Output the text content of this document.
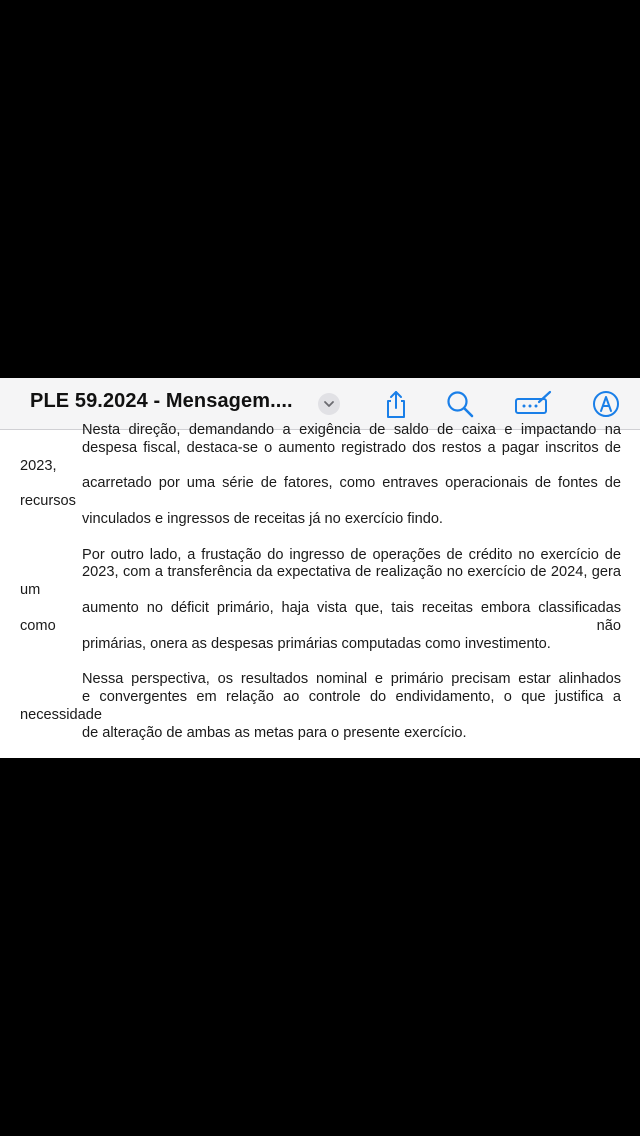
PLE 59.2024 - Mensagem....

Nesta direção, demandando a exigência de saldo de caixa e impactando na
despesa fiscal, destaca-se o aumento registrado dos restos a pagar inscritos de 2023,
acarretado por uma série de fatores, como entraves operacionais de fontes de recursos
vinculados e ingressos de receitas já no exercício findo.

Por outro lado, a frustação do ingresso de operações de crédito no exercício de
2023, com a transferência da expectativa de realização no exercício de 2024, gera um
aumento no déficit primário, haja vista que, tais receitas embora classificadas como não
primárias, onera as despesas primárias computadas como investimento.

Nessa perspectiva, os resultados nominal e primário precisam estar alinhados
e convergentes em relação ao controle do endividamento, o que justifica a necessidade
de alteração de ambas as metas para o presente exercício.
